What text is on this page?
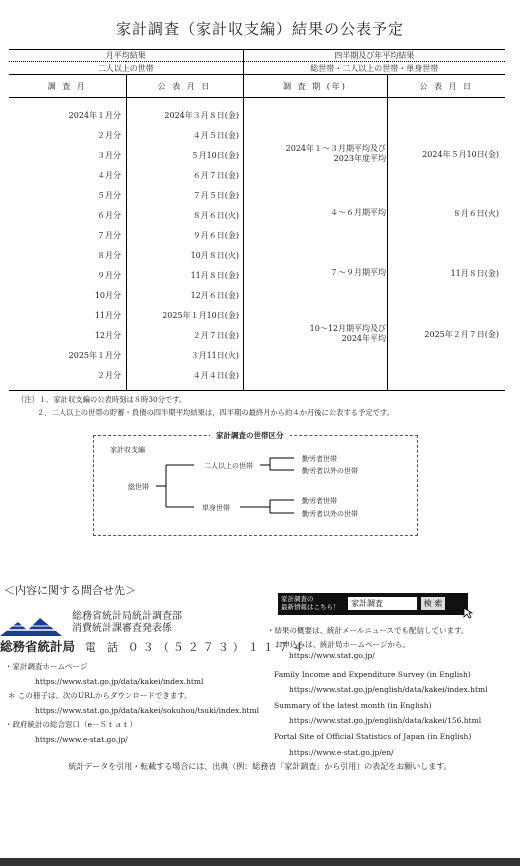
家計調査（家計収支編）結果の公表予定
月平均結果		四半期及び年平均結果	
二人以上の世帯		総世帯・二人以上の世帯・単身世帯	
調 査 月	公 表 月 日	調 査 期 (年)	公 表 月 日

2024年１月分	2024年３月８日(金)
２月分	４月５日(金)
３月分	５月10日(金)
４月分	６月７日(金)
５月分	７月５日(金)
６月分	８月６日(火)
７月分	９月６日(金)
８月分	10月８日(火)
９月分	11月８日(金)
10月分	12月６日(金)
11月分	2025年１月10日(金)
12月分	２月７日(金)
2025年１月分	３月11日(火)
２月分	４月４日(金)
2024年１～３月期平均及び
2023年度平均	2024年５月10日(金)
４～６月期平均	８月６日(火)
７～９月期平均	11月８日(金)
10～12月期平均及び
2024年平均	2025年２月７日(金)
（注）１．家計収支編の公表時刻は８時30分です。
２．二人以上の世帯の貯蓄・負債の四半期平均結果は，四半期の最終月から約４か月後に公表する予定です。
家計調査の世帯区分
家計収支編
総世帯
二人以上の世帯
単身世帯
勤労者世帯
勤労者以外の世帯
勤労者世帯
勤労者以外の世帯
＜内容に関する問合せ先＞
総務省統計局統計調査部
消費統計課審査発表係
総務省統計局 電　話 ０３（５２７３）１１７４
・家計調査ホームページ
https://www.stat.go.jp/data/kakei/index.html
＊ この冊子は、次のURLからダウンロードできます。
https://www.stat.go.jp/data/kakei/sokuhou/tsuki/index.html
・政府統計の総合窓口（e－Ｓｔａｔ）
https://www.e-stat.go.jp/
家計調査の
最新情報はこちら！	家計調査	検 索
・結果の概要は、統計メールニュースでも配信しています。
お申込みは、統計局ホームページから。
https://www.stat.go.jp/
Family Income and Expenditure Survey (in English)
https://www.stat.go.jp/english/data/kakei/index.html
Summary of the latest month (in English)
https://www.stat.go.jp/english/data/kakei/156.html
Portal Site of Official Statistics of Japan (in English)
https://www.e-stat.go.jp/en/
統計データを引用・転載する場合には、出典（例：総務省「家計調査」から引用）の表記をお願いします。
